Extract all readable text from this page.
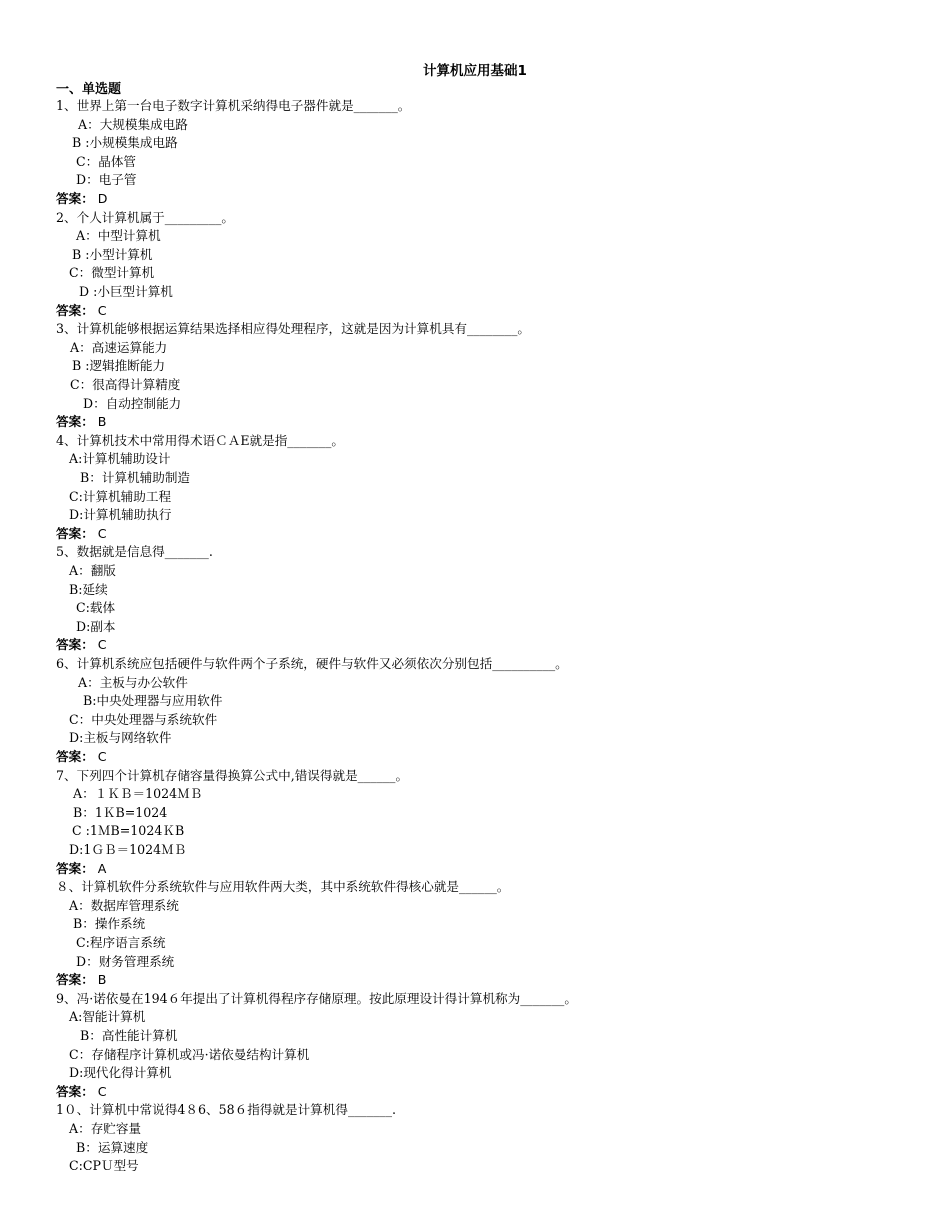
计算机应用基础1
一、单选题
1、世界上第一台电子数字计算机采纳得电子器件就是_______。
A：大规模集成电路
B :小规模集成电路
C：晶体管
D：电子管
答案： D
2、个人计算机属于_________。
A：中型计算机
B :小型计算机
C：微型计算机
D :小巨型计算机
答案： C
3、计算机能够根据运算结果选择相应得处理程序，这就是因为计算机具有________。
A：高速运算能力
B :逻辑推断能力
C：很高得计算精度
D：自动控制能力
答案： B
4、计算机技术中常用得术语ＣＡE就是指_______。
A:计算机辅助设计
B：计算机辅助制造
C:计算机辅助工程
D:计算机辅助执行
答案： C
5、数据就是信息得_______.
A：翻版
B:延续
C:载体
D:副本
答案： C
6、计算机系统应包括硬件与软件两个子系统，硬件与软件又必须依次分别包括__________。
A：主板与办公软件
B:中央处理器与应用软件
C：中央处理器与系统软件
D:主板与网络软件
答案： C
7、下列四个计算机存储容量得换算公式中,错误得就是______。
A：１ＫＢ＝1024ＭＢ
B：1ＫB=1024
C :1ＭB=1024ＫB
D:1ＧＢ＝1024ＭＢ
答案： A
８、计算机软件分系统软件与应用软件两大类，其中系统软件得核心就是______。
A：数据库管理系统
B：操作系统
C:程序语言系统
D：财务管理系统
答案： B
9、冯·诺依曼在194６年提出了计算机得程序存储原理。按此原理设计得计算机称为_______。
A:智能计算机
B：高性能计算机
C：存储程序计算机或冯·诺依曼结构计算机
D:现代化得计算机
答案： C
1０、计算机中常说得4８6、58６指得就是计算机得_______.
A：存贮容量
B：运算速度
C:CPＵ型号
